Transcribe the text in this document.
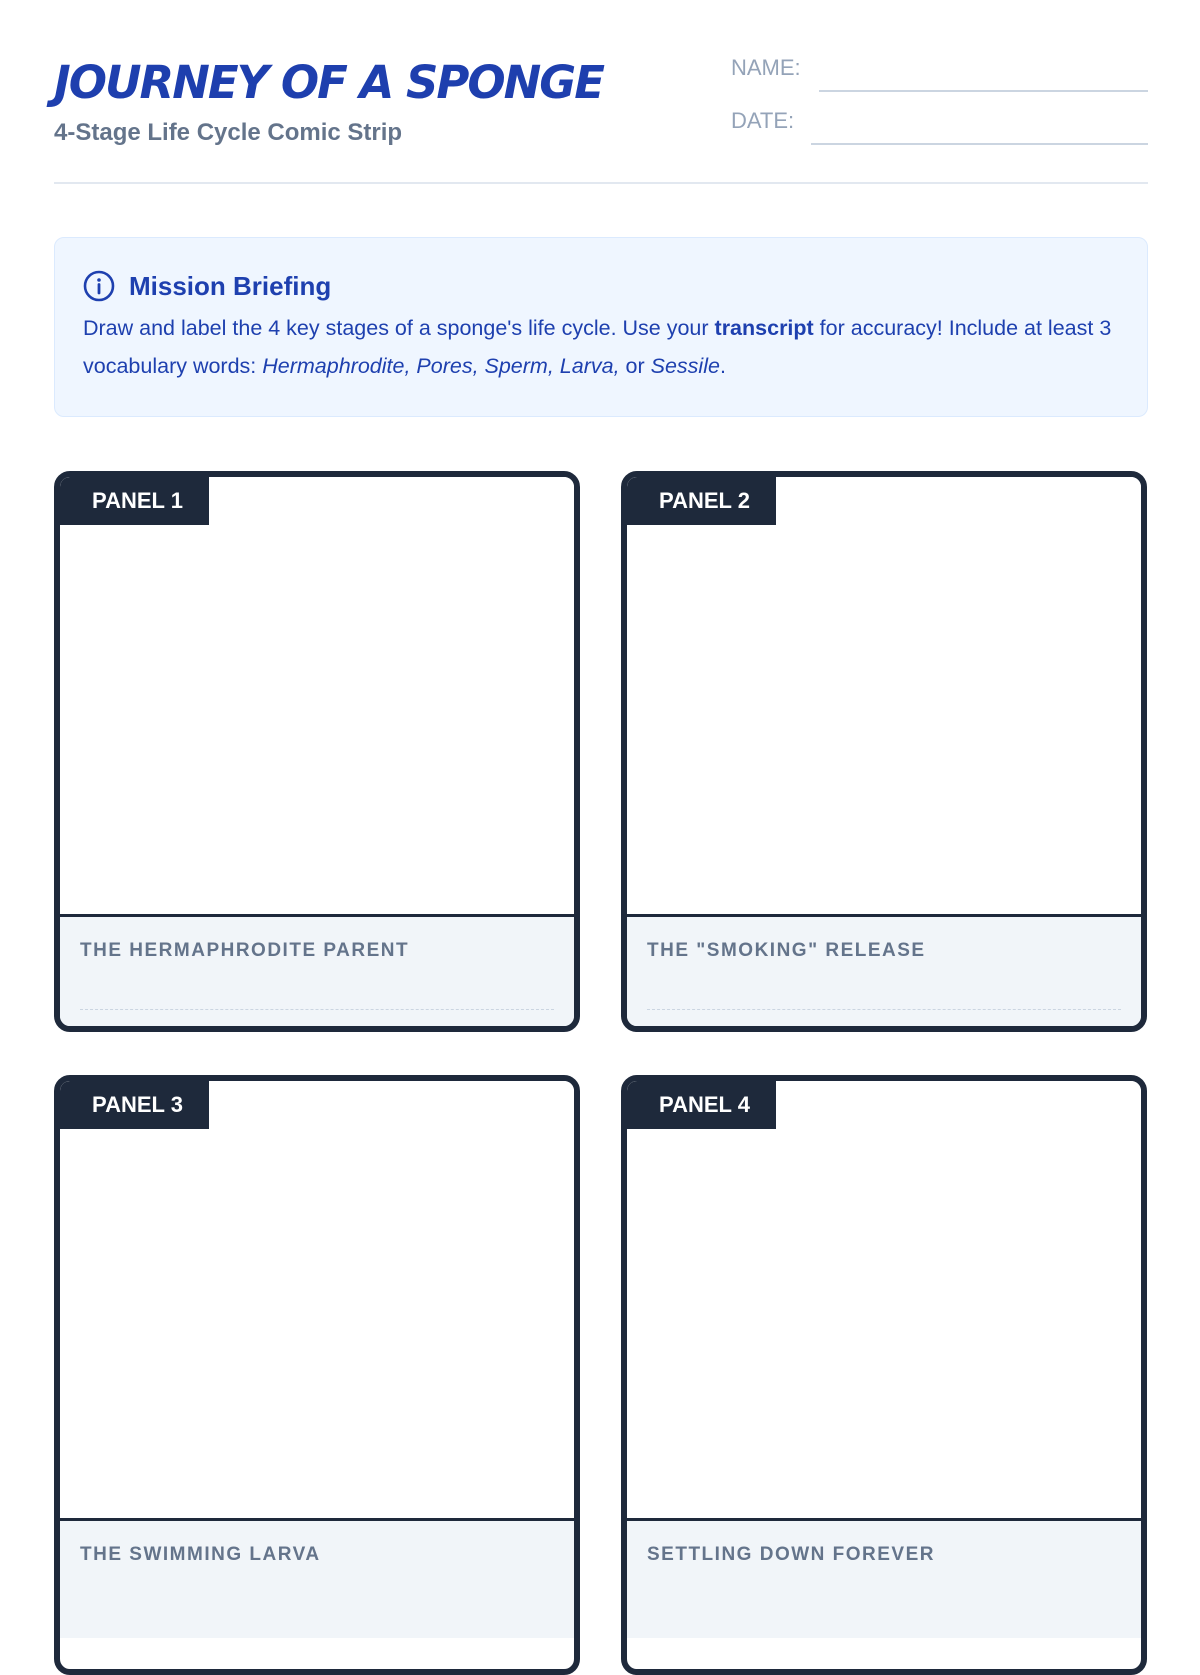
JOURNEY OF A SPONGE
4-Stage Life Cycle Comic Strip
NAME:
DATE:
Mission Briefing
Draw and label the 4 key stages of a sponge's life cycle. Use your transcript for accuracy! Include at least 3 vocabulary words: Hermaphrodite, Pores, Sperm, Larva, or Sessile.
PANEL 1
THE HERMAPHRODITE PARENT
PANEL 2
THE "SMOKING" RELEASE
PANEL 3
THE SWIMMING LARVA
PANEL 4
SETTLING DOWN FOREVER
